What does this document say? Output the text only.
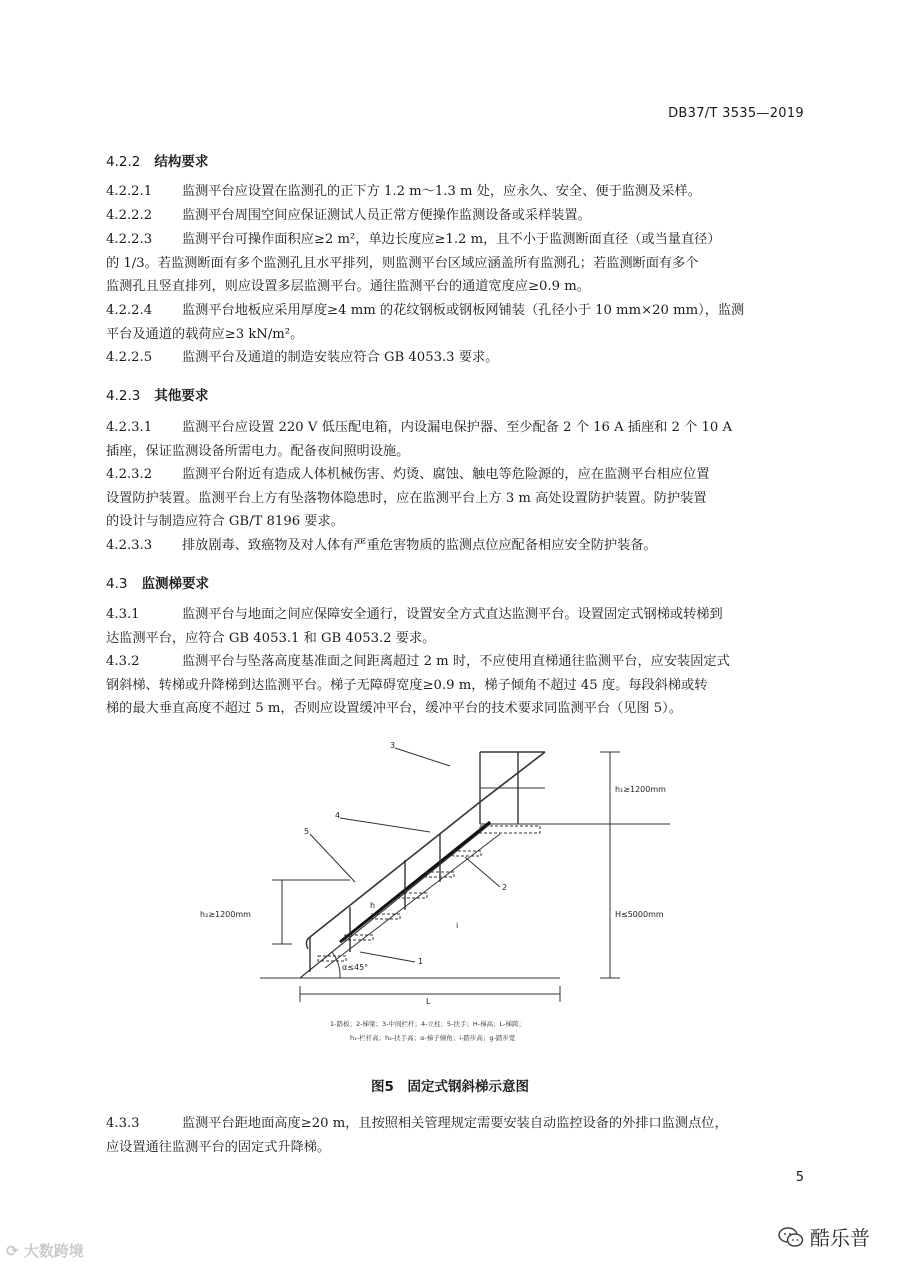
DB37/T 3535—2019
4.2.2 结构要求
4.2.2.1 监测平台应设置在监测孔的正下方 1.2 m～1.3 m 处，应永久、安全、便于监测及采样。
4.2.2.2 监测平台周围空间应保证测试人员正常方便操作监测设备或采样装置。
4.2.2.3 监测平台可操作面积应≥2 m²，单边长度应≥1.2 m，且不小于监测断面直径（或当量直径）
的 1/3。若监测断面有多个监测孔且水平排列，则监测平台区域应涵盖所有监测孔；若监测断面有多个
监测孔且竖直排列，则应设置多层监测平台。通往监测平台的通道宽度应≥0.9 m。
4.2.2.4 监测平台地板应采用厚度≥4 mm 的花纹钢板或钢板网铺装（孔径小于 10 mm×20 mm），监测
平台及通道的载荷应≥3 kN/m²。
4.2.2.5 监测平台及通道的制造安装应符合 GB 4053.3 要求。
4.2.3 其他要求
4.2.3.1 监测平台应设置 220 V 低压配电箱，内设漏电保护器、至少配备 2 个 16 A 插座和 2 个 10 A
插座，保证监测设备所需电力。配备夜间照明设施。
4.2.3.2 监测平台附近有造成人体机械伤害、灼烫、腐蚀、触电等危险源的，应在监测平台相应位置
设置防护装置。监测平台上方有坠落物体隐患时，应在监测平台上方 3 m 高处设置防护装置。防护装置
的设计与制造应符合 GB/T 8196 要求。
4.2.3.3 排放剧毒、致癌物及对人体有严重危害物质的监测点位应配备相应安全防护装备。
4.3 监测梯要求
4.3.1	监测平台与地面之间应保障安全通行，设置安全方式直达监测平台。设置固定式钢梯或转梯到
达监测平台，应符合 GB 4053.1 和 GB 4053.2 要求。
4.3.2	监测平台与坠落高度基准面之间距离超过 2 m 时，不应使用直梯通往监测平台，应安装固定式
钢斜梯、转梯或升降梯到达监测平台。梯子无障碍宽度≥0.9 m，梯子倾角不超过 45 度。每段斜梯或转
梯的最大垂直高度不超过 5 m，否则应设置缓冲平台，缓冲平台的技术要求同监测平台（见图 5）。
h₁≥1200mm
H≤5000mm
h₂≥1200mm
L
α≤45°
3
4
5
2
1
i
h
1-踏板；2-梯梁；3-中间栏杆；4-立柱；5-扶手；H-梯高；L-梯跨；
h₁-栏杆高；h₂-扶手高；α-梯子倾角；i-踏步高；g-踏步宽
图5　固定式钢斜梯示意图
4.3.3	监测平台距地面高度≥20 m，且按照相关管理规定需要安装自动监控设备的外排口监测点位，
应设置通往监测平台的固定式升降梯。
5
⟳ 大数跨境
酷乐普
